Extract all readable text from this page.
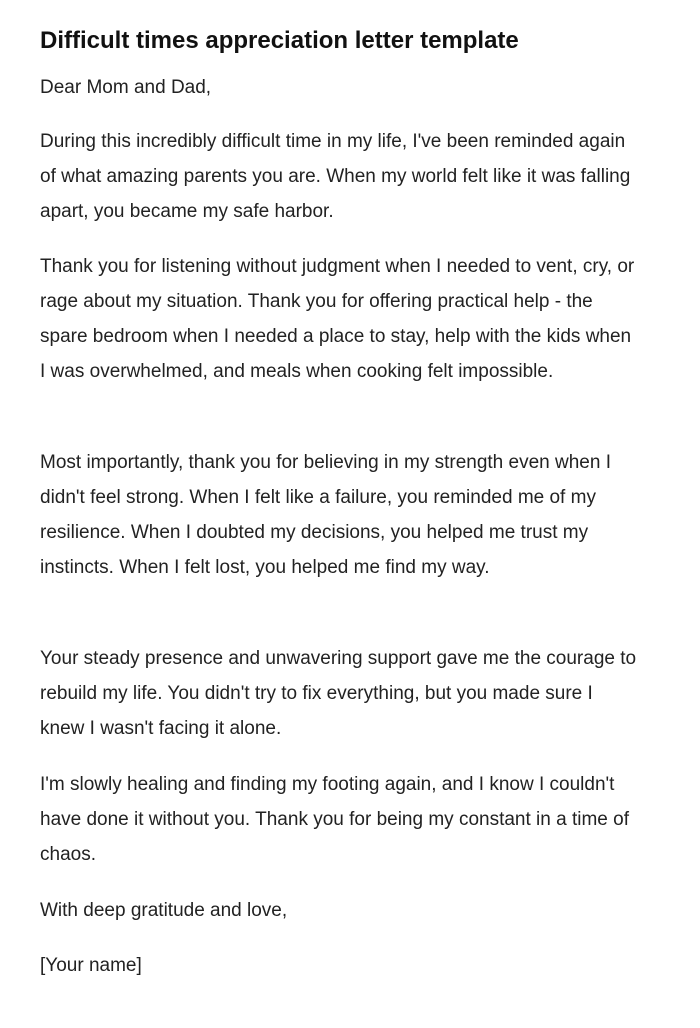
Difficult times appreciation letter template

Dear Mom and Dad,

During this incredibly difficult time in my life, I've been reminded again of what amazing parents you are. When my world felt like it was falling apart, you became my safe harbor.

Thank you for listening without judgment when I needed to vent, cry, or rage about my situation. Thank you for offering practical help - the spare bedroom when I needed a place to stay, help with the kids when I was overwhelmed, and meals when cooking felt impossible.

Most importantly, thank you for believing in my strength even when I didn't feel strong. When I felt like a failure, you reminded me of my resilience. When I doubted my decisions, you helped me trust my instincts. When I felt lost, you helped me find my way.

Your steady presence and unwavering support gave me the courage to rebuild my life. You didn't try to fix everything, but you made sure I knew I wasn't facing it alone.

I'm slowly healing and finding my footing again, and I know I couldn't have done it without you. Thank you for being my constant in a time of chaos.

With deep gratitude and love,

[Your name]
